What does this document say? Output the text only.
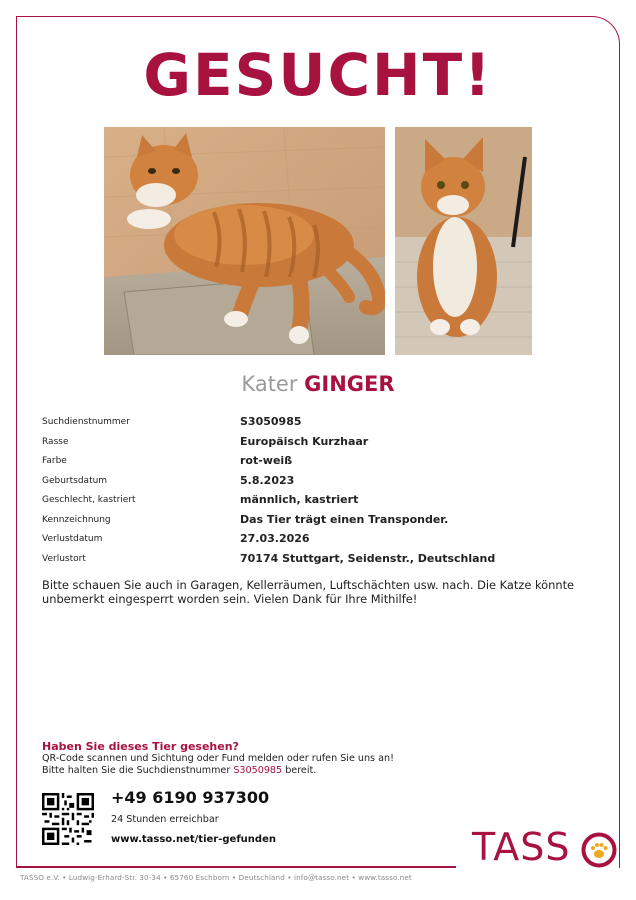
GESUCHT!
Kater GINGER
Suchdienstnummer	S3050985
Rasse	Europäisch Kurzhaar
Farbe	rot-weiß
Geburtsdatum	5.8.2023
Geschlecht, kastriert	männlich, kastriert
Kennzeichnung	Das Tier trägt einen Transponder.
Verlustdatum	27.03.2026
Verlustort	70174 Stuttgart, Seidenstr., Deutschland
Bitte schauen Sie auch in Garagen, Kellerräumen, Luftschächten usw. nach. Die Katze könnte unbemerkt eingesperrt worden sein. Vielen Dank für Ihre Mithilfe!
Haben Sie dieses Tier gesehen?
QR-Code scannen und Sichtung oder Fund melden oder rufen Sie uns an!
Bitte halten Sie die Suchdienstnummer S3050985 bereit.
+49 6190 937300
24 Stunden erreichbar
www.tasso.net/tier-gefunden	TASS
TASSO e.V. • Ludwig-Erhard-Str. 30-34 • 65760 Eschborn • Deutschland • info@tasso.net • www.tasso.net
